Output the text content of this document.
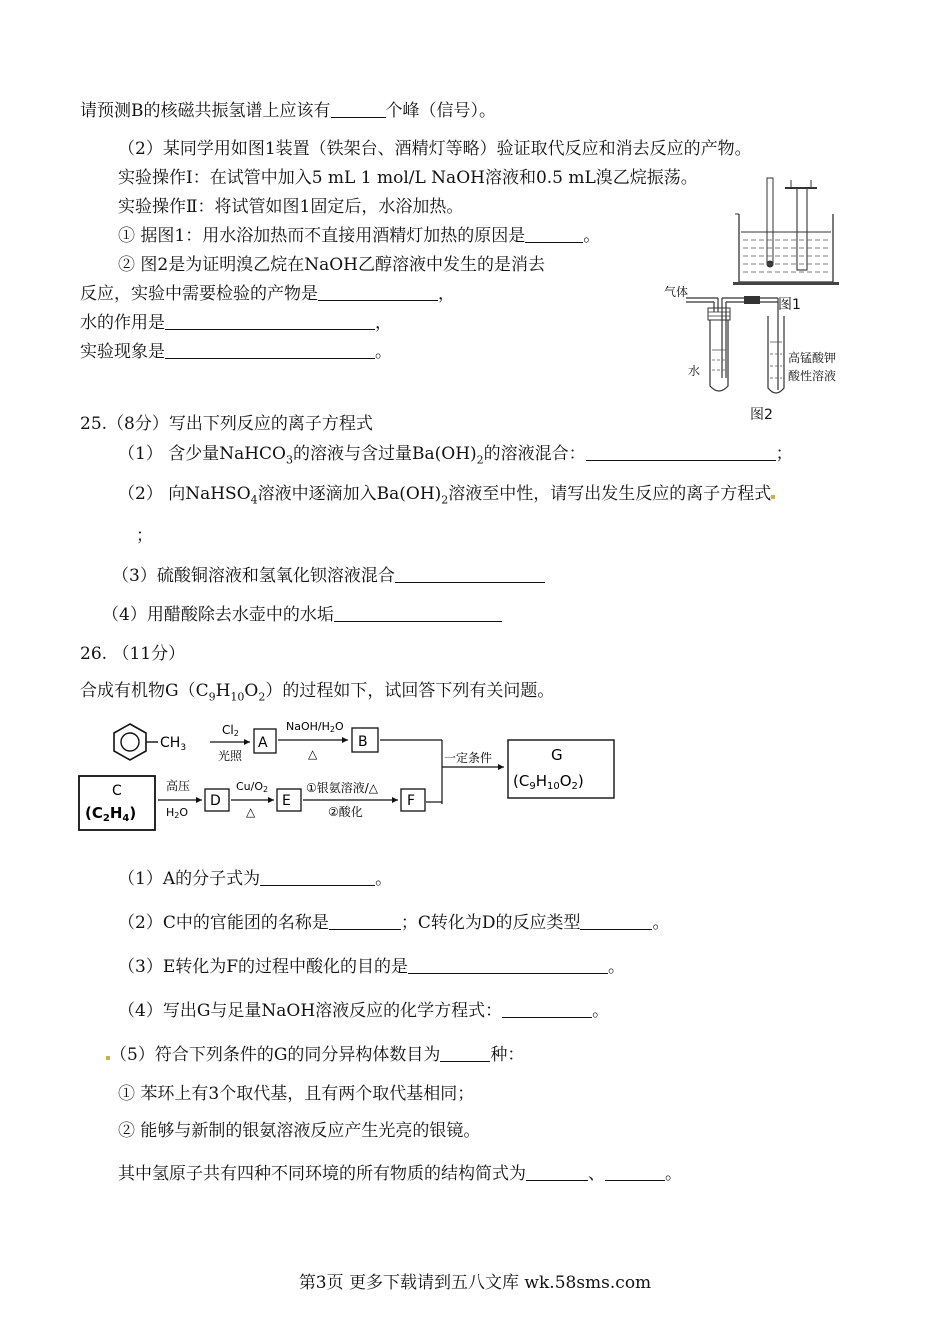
请预测B的核磁共振氢谱上应该有	个峰（信号）。
（2）某同学用如图1装置（铁架台、酒精灯等略）验证取代反应和消去反应的产物。
实验操作Ⅰ：在试管中加入5 mL 1 mol/L NaOH溶液和0.5 mL溴乙烷振荡。
实验操作Ⅱ：将试管如图1固定后，水浴加热。
① 据图1：用水浴加热而不直接用酒精灯加热的原因是	。
② 图2是为证明溴乙烷在NaOH乙醇溶液中发生的是消去
反应，实验中需要检验的产物是	，
水的作用是	，
实验现象是	。
25.（8分）写出下列反应的离子方程式
（1） 含少量NaHCO$_3$的溶液与含过量$Ba(OH)_2$的溶液混合：	；
（2） 向NaHSO$_4$溶液中逐滴加入$Ba(OH)_2$溶液至中性，请写出发生反应的离子方程式
；
（3）硫酸铜溶液和氢氧化钡溶液混合
（4）用醋酸除去水壶中的水垢
26. （11分）
合成有机物$G(C_9H_{10}O_2)$的过程如下，试回答下列有关问题。
$CH_3$
Cl2
光照
A
NaOH/H2O
△
B
一定条件	G
$(C_9H_{10}O_2)$
C
$(C_2H_4)$
高压
H2O
D
Cu/O2
△
E
①银氨溶液/△
②酸化
F
图1
气体
水
高锰酸钾
酸性溶液
图2
（1）A的分子式为	。
（2）C中的官能团的名称是	；C转化为D的反应类型	。
（3）E转化为F的过程中酸化的目的是	。
（4）写出G与足量NaOH溶液反应的化学方程式：	。
（5）符合下列条件的G的同分异构体数目为	种：
① 苯环上有3个取代基，且有两个取代基相同；
② 能够与新制的银氨溶液反应产生光亮的银镜。
其中氢原子共有四种不同环境的所有物质的结构简式为	、	。
第3页 更多下载请到五八文库 wk.58sms.com
